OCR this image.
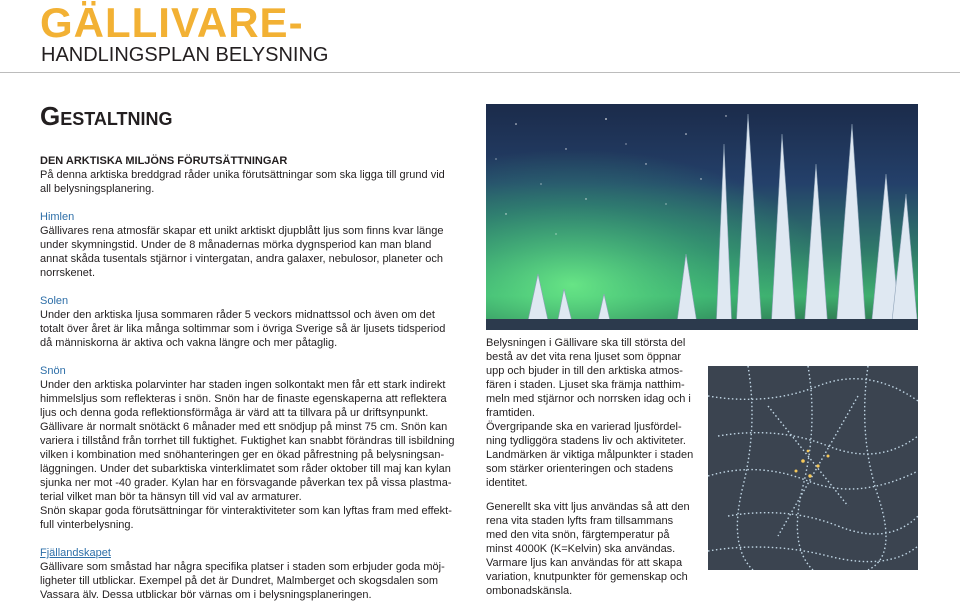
GÄLLIVARE-
HANDLINGSPLAN BELYSNING
Gestaltning

DEN ARKTISKA MILJÖNS FÖRUTSÄTTNINGAR

På denna arktiska breddgrad råder unika förutsättningar som ska ligga till grund vid

all belysningsplanering.

Himlen

Gällivares rena atmosfär skapar ett unikt arktiskt djupblått ljus som finns kvar länge

under skymningstid. Under de 8 månadernas mörka dygnsperiod kan man bland

annat skåda tusentals stjärnor i vintergatan, andra galaxer, nebulosor, planeter och

norrskenet.

Solen

Under den arktiska ljusa sommaren råder 5 veckors midnattssol och även om det

totalt över året är lika många soltimmar som i övriga Sverige så är ljusets tidsperiod

då människorna är aktiva och vakna längre och mer påtaglig.

Snön

Under den arktiska polarvinter har staden ingen solkontakt men får ett stark indirekt

himmelsljus som reflekteras i snön. Snön har de finaste egenskaperna att reflektera

ljus och denna goda reflektionsförmåga är värd att ta tillvara på ur driftsynpunkt.

Gällivare är normalt snötäckt 6 månader med ett snödjup på minst 75 cm. Snön kan

variera i tillstånd från torrhet till fuktighet. Fuktighet kan snabbt förändras till isbildning

vilken i kombination med snöhanteringen ger en ökad påfrestning på belysningsan-

läggningen. Under det subarktiska vinterklimatet som råder oktober till maj kan kylan

sjunka ner mot -40 grader. Kylan har en försvagande påverkan tex på vissa plastma-

terial vilket man bör ta hänsyn till vid val av armaturer.

Snön skapar goda förutsättningar för vinteraktiviteter som kan lyftas fram med effekt-

full vinterbelysning.

Fjällandskapet

Gällivare som småstad har några specifika platser i staden som erbjuder goda möj-

ligheter till utblickar. Exempel på det är Dundret, Malmberget och skogsdalen som

Vassara älv. Dessa utblickar bör värnas om i belysningsplaneringen.

Belysningen i Gällivare ska till största del

bestå av det vita rena ljuset som öppnar

upp och bjuder in till den arktiska atmos-

fären i staden. Ljuset ska främja natthim-

meln med stjärnor och norrsken idag och i

framtiden.

Övergripande ska en varierad ljusfördel-

ning tydliggöra stadens liv och aktiviteter.

Landmärken är viktiga målpunkter i staden

som stärker orienteringen och stadens

identitet.

Generellt ska vitt ljus användas så att den

rena vita staden lyfts fram tillsammans

med den vita snön, färgtemperatur på

minst 4000K (K=Kelvin) ska användas.

Varmare ljus kan användas för att skapa

variation, knutpunkter för gemenskap och

ombonadskänsla.
